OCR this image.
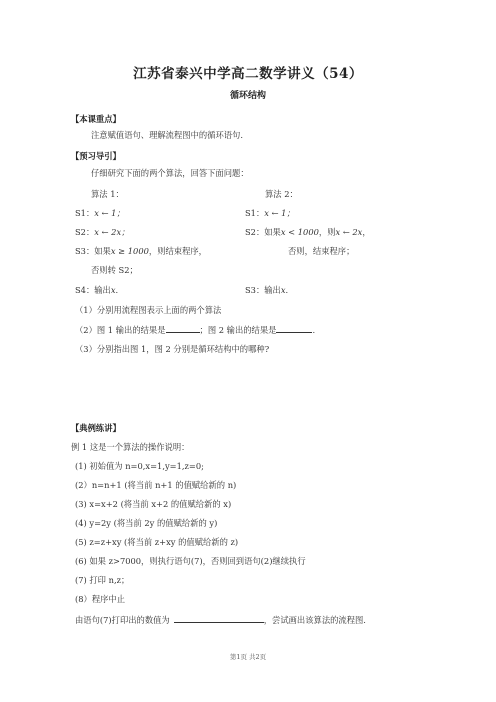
江苏省泰兴中学高二数学讲义（54）
循环结构
【本课重点】
注意赋值语句、理解流程图中的循环语句.
【预习导引】
仔细研究下面的两个算法，回答下面问题：
算法 1：	算法 2：
S1：x ← 1；	S1：x ← 1；
S2：x ← 2x；	S2：如果x < 1000，则x ← 2x，
S3：如果x ≥ 1000，则结束程序，	否则，结束程序；
否则转 S2；
S4：输出x.	S3：输出x.
（1）分别用流程图表示上面的两个算法
（2）图 1 输出的结果是	；图 2 输出的结果是	.
（3）分别指出图 1，图 2 分别是循环结构中的哪种?
【典例练讲】
例 1 这是一个算法的操作说明：
(1) 初始值为 n=0,x=1,y=1,z=0;
(2）n=n+1 (将当前 n+1 的值赋给新的 n)
(3) x=x+2 (将当前 x+2 的值赋给新的 x)
(4) y=2y (将当前 2y 的值赋给新的 y)
(5) z=z+xy (将当前 z+xy 的值赋给新的 z)
(6) 如果 z>7000，则执行语句(7)，否则回到语句(2)继续执行
(7) 打印 n,z；
(8）程序中止
由语句(7)打印出的数值为	，尝试画出该算法的流程图.
第1页 共2页
